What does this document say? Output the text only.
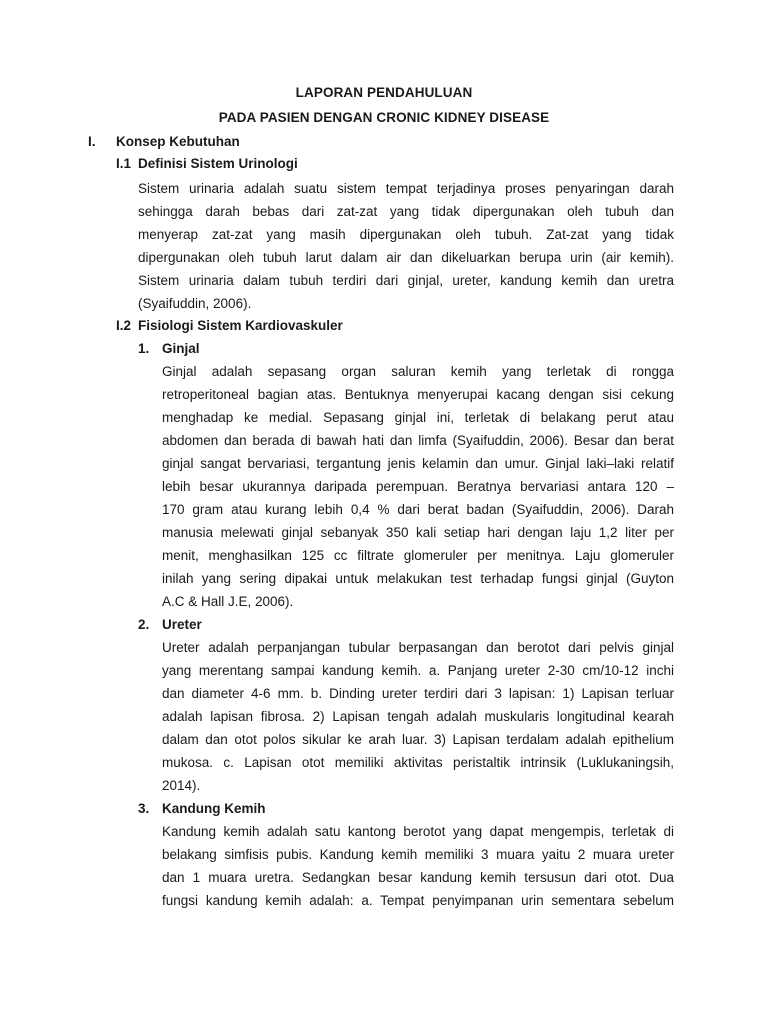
LAPORAN PENDAHULUAN
PADA PASIEN DENGAN CRONIC KIDNEY DISEASE
I. Konsep Kebutuhan
I.1 Definisi Sistem Urinologi
Sistem urinaria adalah suatu sistem tempat terjadinya proses penyaringan darah
sehingga darah bebas dari zat-zat yang tidak dipergunakan oleh tubuh dan
menyerap zat-zat yang masih dipergunakan oleh tubuh. Zat-zat yang tidak
dipergunakan oleh tubuh larut dalam air dan dikeluarkan berupa urin (air kemih).
Sistem urinaria dalam tubuh terdiri dari ginjal, ureter, kandung kemih dan uretra
(Syaifuddin, 2006).
I.2 Fisiologi Sistem Kardiovaskuler
1. Ginjal
Ginjal adalah sepasang organ saluran kemih yang terletak di rongga
retroperitoneal bagian atas. Bentuknya menyerupai kacang dengan sisi cekung
menghadap ke medial. Sepasang ginjal ini, terletak di belakang perut atau
abdomen dan berada di bawah hati dan limfa (Syaifuddin, 2006). Besar dan berat
ginjal sangat bervariasi, tergantung jenis kelamin dan umur. Ginjal laki–laki relatif
lebih besar ukurannya daripada perempuan. Beratnya bervariasi antara 120 –
170 gram atau kurang lebih 0,4 % dari berat badan (Syaifuddin, 2006). Darah
manusia melewati ginjal sebanyak 350 kali setiap hari dengan laju 1,2 liter per
menit, menghasilkan 125 cc filtrate glomeruler per menitnya. Laju glomeruler
inilah yang sering dipakai untuk melakukan test terhadap fungsi ginjal (Guyton
A.C & Hall J.E, 2006).
2. Ureter
Ureter adalah perpanjangan tubular berpasangan dan berotot dari pelvis ginjal
yang merentang sampai kandung kemih. a. Panjang ureter 2-30 cm/10-12 inchi
dan diameter 4-6 mm. b. Dinding ureter terdiri dari 3 lapisan: 1) Lapisan terluar
adalah lapisan fibrosa. 2) Lapisan tengah adalah muskularis longitudinal kearah
dalam dan otot polos sikular ke arah luar. 3) Lapisan terdalam adalah epithelium
mukosa. c. Lapisan otot memiliki aktivitas peristaltik intrinsik (Luklukaningsih,
2014).
3. Kandung Kemih
Kandung kemih adalah satu kantong berotot yang dapat mengempis, terletak di
belakang simfisis pubis. Kandung kemih memiliki 3 muara yaitu 2 muara ureter
dan 1 muara uretra. Sedangkan besar kandung kemih tersusun dari otot. Dua
fungsi kandung kemih adalah: a. Tempat penyimpanan urin sementara sebelum
